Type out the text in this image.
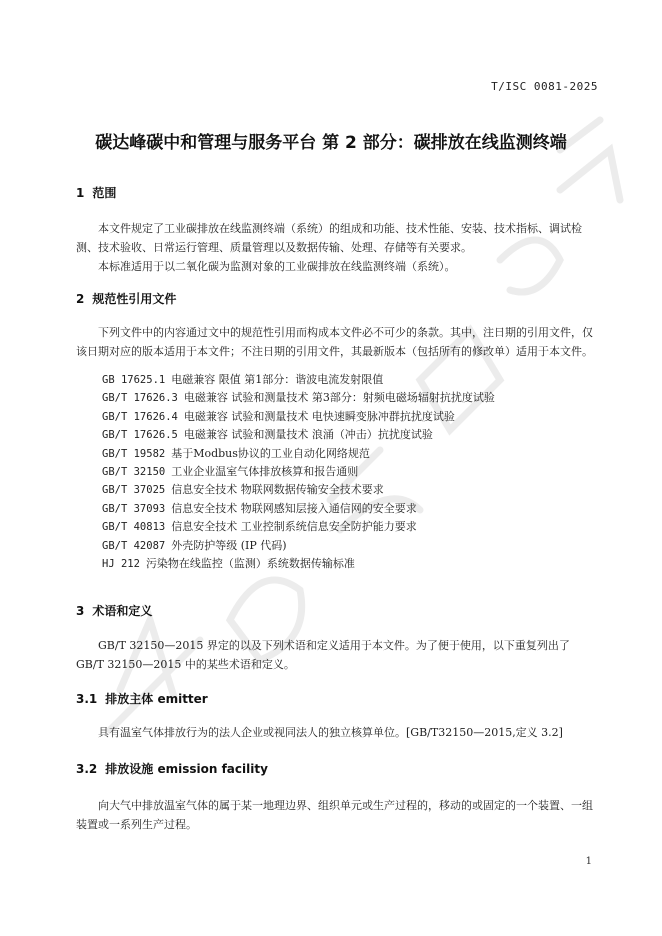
T/ISC 0081-2025
碳达峰碳中和管理与服务平台 第 2 部分：碳排放在线监测终端
1 范围

本文件规定了工业碳排放在线监测终端（系统）的组成和功能、技术性能、安装、技术指标、调试检测、技术验收、日常运行管理、质量管理以及数据传输、处理、存储等有关要求。

本标准适用于以二氧化碳为监测对象的工业碳排放在线监测终端（系统）。

2 规范性引用文件

下列文件中的内容通过文中的规范性引用而构成本文件必不可少的条款。其中，注日期的引用文件，仅该日期对应的版本适用于本文件；不注日期的引用文件，其最新版本（包括所有的修改单）适用于本文件。

GB 17625.1 电磁兼容 限值 第1部分：谐波电流发射限值
GB/T 17626.3 电磁兼容 试验和测量技术 第3部分：射频电磁场辐射抗扰度试验
GB/T 17626.4 电磁兼容 试验和测量技术 电快速瞬变脉冲群抗扰度试验
GB/T 17626.5 电磁兼容 试验和测量技术 浪涌（冲击）抗扰度试验
GB/T 19582 基于Modbus协议的工业自动化网络规范
GB/T 32150 工业企业温室气体排放核算和报告通则
GB/T 37025 信息安全技术 物联网数据传输安全技术要求
GB/T 37093 信息安全技术 物联网感知层接入通信网的安全要求
GB/T 40813 信息安全技术 工业控制系统信息安全防护能力要求
GB/T 42087 外壳防护等级 (IP 代码)
HJ 212 污染物在线监控（监测）系统数据传输标准
3 术语和定义

GB/T 32150—2015 界定的以及下列术语和定义适用于本文件。为了便于使用，以下重复列出了 GB/T 32150—2015 中的某些术语和定义。

3.1 排放主体 emitter

具有温室气体排放行为的法人企业或视同法人的独立核算单位。[GB/T32150—2015,定义 3.2]

3.2 排放设施 emission facility

向大气中排放温室气体的属于某一地理边界、组织单元或生产过程的，移动的或固定的一个装置、一组装置或一系列生产过程。

1
